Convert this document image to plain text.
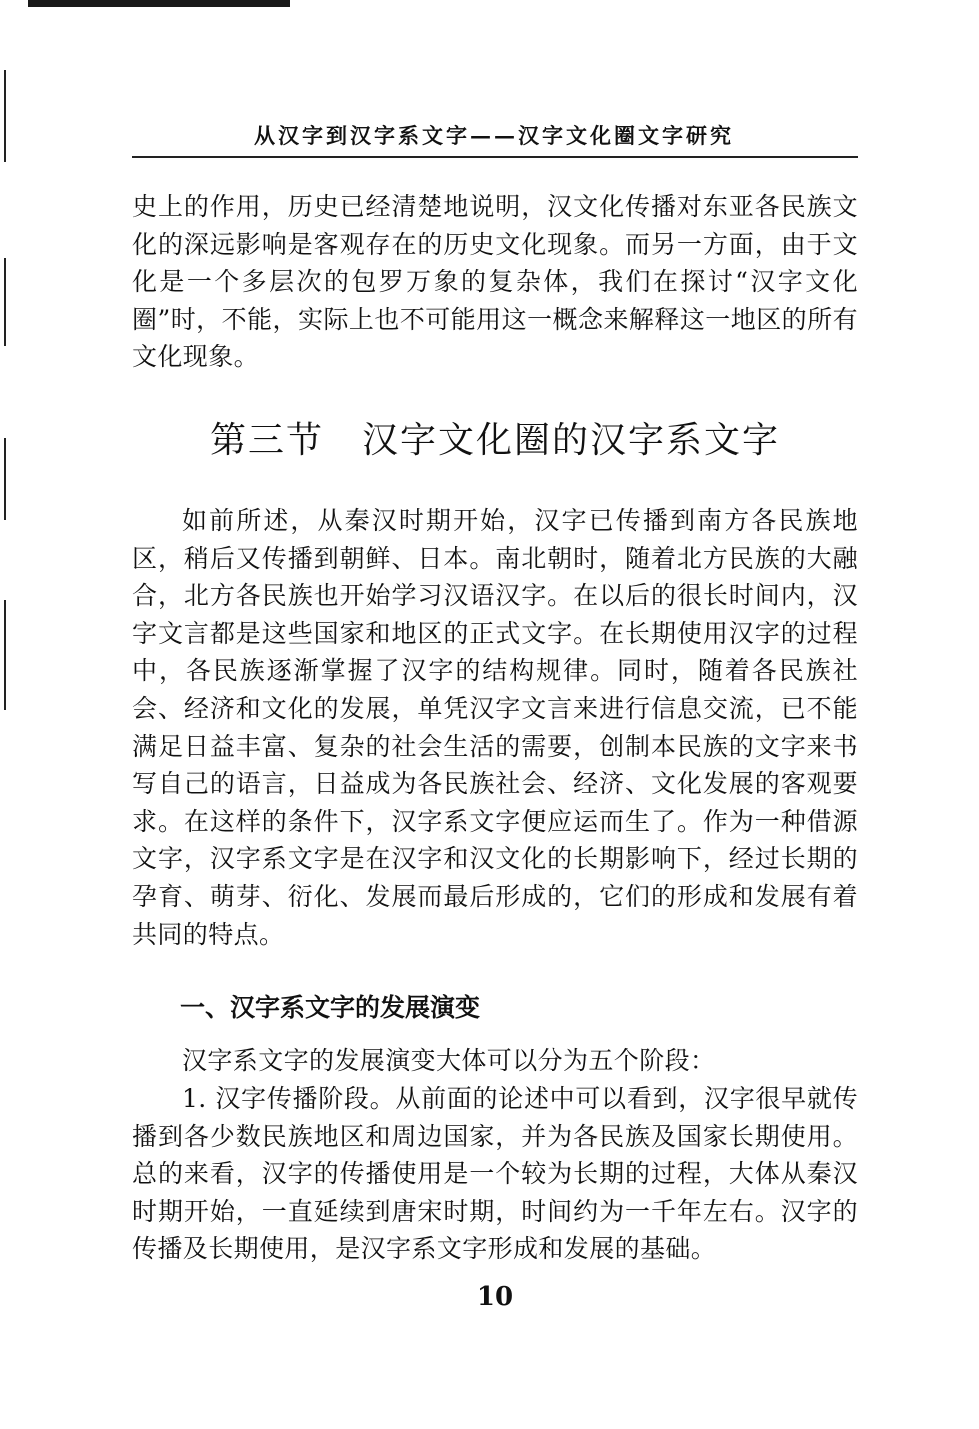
从汉字到汉字系文字——汉字文化圈文字研究

史上的作用，历史已经清楚地说明，汉文化传播对东亚各民族文化的深远影响是客观存在的历史文化现象。而另一方面，由于文化是一个多层次的包罗万象的复杂体，我们在探讨“汉字文化圈”时，不能，实际上也不可能用这一概念来解释这一地区的所有文化现象。

第三节　汉字文化圈的汉字系文字

如前所述，从秦汉时期开始，汉字已传播到南方各民族地区，稍后又传播到朝鲜、日本。南北朝时，随着北方民族的大融合，北方各民族也开始学习汉语汉字。在以后的很长时间内，汉字文言都是这些国家和地区的正式文字。在长期使用汉字的过程中，各民族逐渐掌握了汉字的结构规律。同时，随着各民族社会、经济和文化的发展，单凭汉字文言来进行信息交流，已不能满足日益丰富、复杂的社会生活的需要，创制本民族的文字来书写自己的语言，日益成为各民族社会、经济、文化发展的客观要求。在这样的条件下，汉字系文字便应运而生了。作为一种借源文字，汉字系文字是在汉字和汉文化的长期影响下，经过长期的孕育、萌芽、衍化、发展而最后形成的，它们的形成和发展有着共同的特点。

一、汉字系文字的发展演变

汉字系文字的发展演变大体可以分为五个阶段：

1. 汉字传播阶段。从前面的论述中可以看到，汉字很早就传播到各少数民族地区和周边国家，并为各民族及国家长期使用。总的来看，汉字的传播使用是一个较为长期的过程，大体从秦汉时期开始，一直延续到唐宋时期，时间约为一千年左右。汉字的传播及长期使用，是汉字系文字形成和发展的基础。

10
